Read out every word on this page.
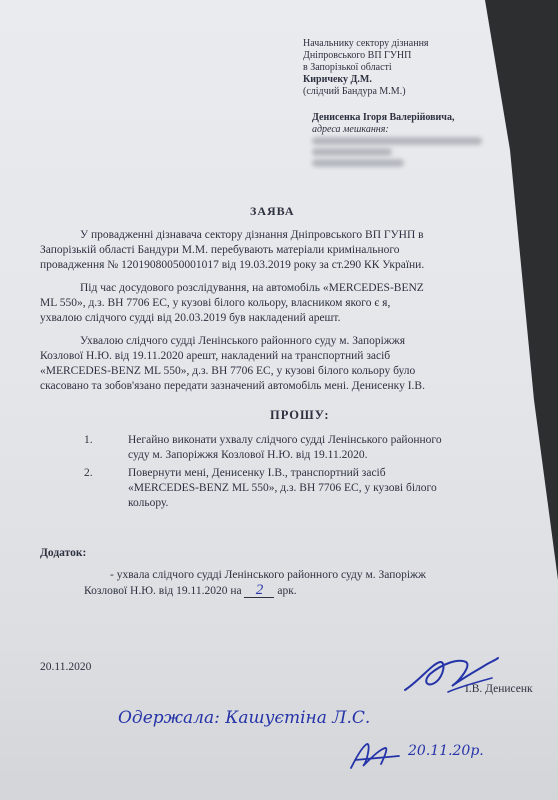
Начальнику сектору дізнання
Дніпровського ВП ГУНП
в Запорізької області
Киричеку Д.М.
(слідчий Бандура М.М.)
Денисенка Ігоря Валерійовича,
адреса мешкання:
ЗАЯВА
У провадженні дізнавача сектору дізнання Дніпровського ВП ГУНП в
Запорізькій області Бандури М.М. перебувають матеріали кримінального
провадження № 12019080050001017 від 19.03.2019 року за ст.290 КК України.
Під час досудового розслідування, на автомобіль «MERCEDES-BENZ
ML 550», д.з. ВН 7706 ЕС, у кузові білого кольору, власником якого є я,
ухвалою слідчого судді від 20.03.2019 був накладений арешт.
Ухвалою слідчого судді Ленінського районного суду м. Запоріжжя
Козлової Н.Ю. від 19.11.2020 арешт, накладений на транспортний засіб
«MERCEDES-BENZ ML 550», д.з. ВН 7706 ЕС, у кузові білого кольору було
скасовано та зобов'язано передати зазначений автомобіль мені. Денисенку І.В.
ПРОШУ:
1.	Негайно виконати ухвалу слідчого судді Ленінського районного
суду м. Запоріжжя Козлової Н.Ю. від 19.11.2020.
2.	Повернути мені, Денисенку І.В., транспортний засіб
«MERCEDES-BENZ ML 550», д.з. ВН 7706 ЕС, у кузові білого
кольору.
Додаток:
- ухвала слідчого судді Ленінського районного суду м. Запоріжж
Козлової Н.Ю. від 19.11.2020 на 2 арк.
20.11.2020
І.В. Денисенк
Одержала: Кашуєтіна Л.С.
20.11.20р.
